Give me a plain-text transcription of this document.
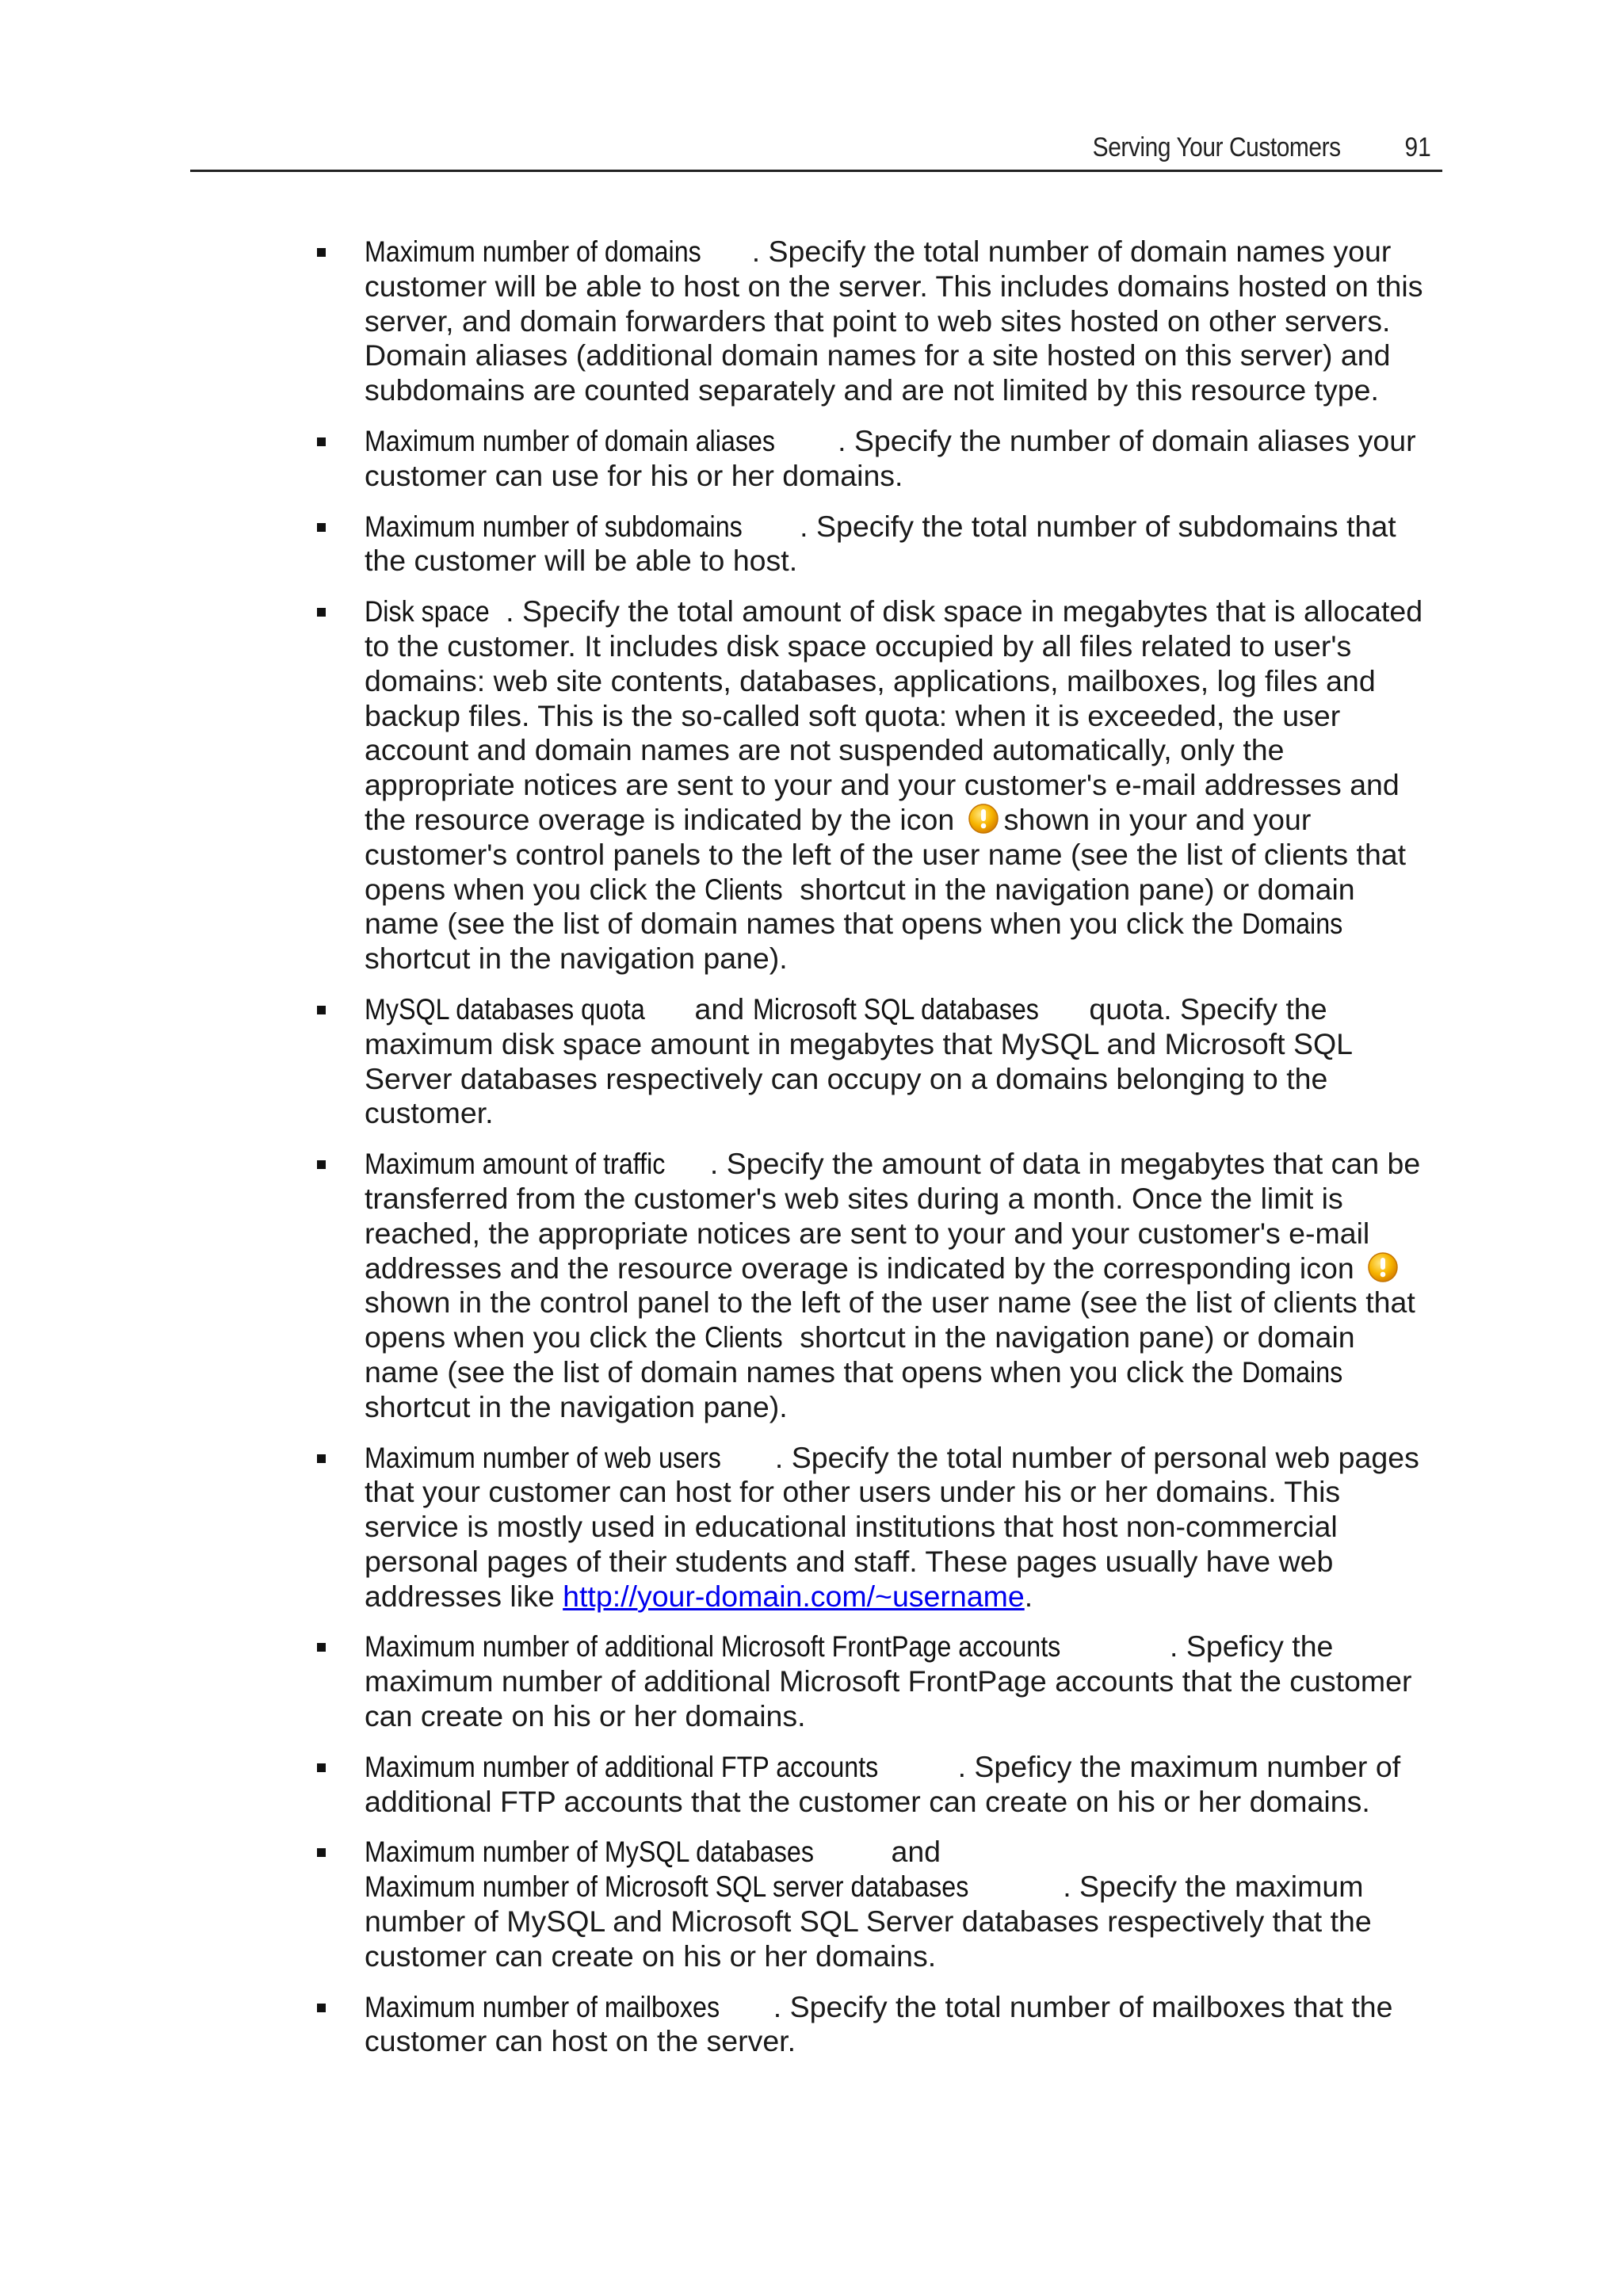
Serving Your Customers 91
Maximum number of domains . Specify the total number of domain names your customer will be able to host on the server. This includes domains hosted on this server, and domain forwarders that point to web sites hosted on other servers. Domain aliases (additional domain names for a site hosted on this server) and subdomains are counted separately and are not limited by this resource type.
Maximum number of domain aliases . Specify the number of domain aliases your customer can use for his or her domains.
Maximum number of subdomains . Specify the total number of subdomains that the customer will be able to host.
Disk space . Specify the total amount of disk space in megabytes that is allocated to the customer. It includes disk space occupied by all files related to user's domains: web site contents, databases, applications, mailboxes, log files and backup files. This is the so-called soft quota: when it is exceeded, the user account and domain names are not suspended automatically, only the appropriate notices are sent to your and your customer's e-mail addresses and the resource overage is indicated by the icon shown in your and your customer's control panels to the left of the user name (see the list of clients that opens when you click the Clients shortcut in the navigation pane) or domain name (see the list of domain names that opens when you click the Domains shortcut in the navigation pane).
MySQL databases quota and Microsoft SQL databases quota. Specify the maximum disk space amount in megabytes that MySQL and Microsoft SQL Server databases respectively can occupy on a domains belonging to the customer.
Maximum amount of traffic . Specify the amount of data in megabytes that can be transferred from the customer's web sites during a month. Once the limit is reached, the appropriate notices are sent to your and your customer's e-mail addresses and the resource overage is indicated by the corresponding icon  shown in the control panel to the left of the user name (see the list of clients that opens when you click the Clients shortcut in the navigation pane) or domain name (see the list of domain names that opens when you click the Domains shortcut in the navigation pane).
Maximum number of web users . Specify the total number of personal web pages that your customer can host for other users under his or her domains. This service is mostly used in educational institutions that host non-commercial personal pages of their students and staff. These pages usually have web addresses like http://your-domain.com/~username.
Maximum number of additional Microsoft FrontPage accounts	. Speficy the maximum number of additional Microsoft FrontPage accounts that the customer can create on his or her domains.
Maximum number of additional FTP accounts	. Speficy the maximum number of additional FTP accounts that the customer can create on his or her domains.
Maximum number of MySQL databases	and Maximum number of Microsoft SQL server databases	. Specify the maximum number of MySQL and Microsoft SQL Server databases respectively that the customer can create on his or her domains.
Maximum number of mailboxes . Specify the total number of mailboxes that the customer can host on the server.
